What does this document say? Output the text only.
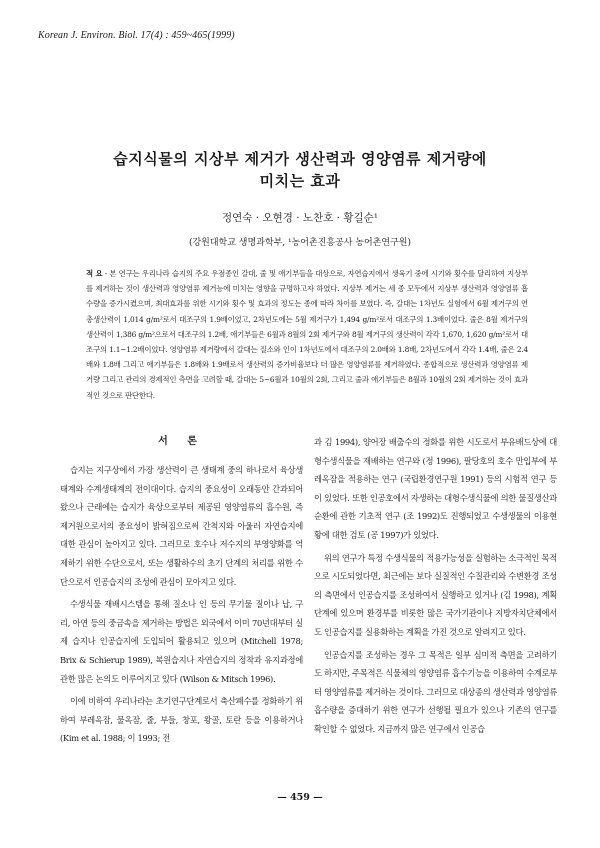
Korean J. Environ. Biol. 17(4) : 459~465(1999)
습지식물의 지상부 제거가 생산력과 영양염류 제거량에
미치는 효과
정연숙 · 오현경 · 노찬호 · 황길순¹
(강원대학교 생명과학부, ¹농어촌진흥공사 농어촌연구원)
적 요 - 본 연구는 우리나라 습지의 주요 우점종인 갈대, 줄 및 애기부들을 대상으로, 자연습지에서 생육기 중에 시기와 횟수를 달리하여 지상부를 제거하는 것이 생산력과 영양염류 제거능에 미치는 영향을 규명하고자 하였다. 지상부 제거는 세 종 모두에서 지상부 생산력과 영양염류 흡수량을 증가시켰으며, 최대효과를 위한 시기와 횟수 및 효과의 정도는 종에 따라 차이를 보였다. 즉, 갈대는 1차년도 실험에서 6월 제거구의 연총생산력이 1,014 g/m²로서 대조구의 1.9배이었고, 2차년도에는 5월 제거구가 1,494 g/m²로서 대조구의 1.3배이었다. 줄은 8월 제거구의 생산력이 1,386 g/m²으로서 대조구의 1.2배, 애기부들은 6월과 8월의 2회 제거구와 8월 제거구의 생산력이 각각 1,670, 1,620 g/m²로서 대조구의 1.1~1.2배이었다. 영양염류 제거량에서 갈대는 질소와 인이 1차년도에서 대조구의 2.0배와 1.8배, 2차년도에서 각각 1.4배, 줄은 2.4배와 1.8배 그리고 애기부들은 1.8배와 1.9배로서 생산력의 증가비율보다 더 많은 영양염류를 제거하였다. 종합적으로 생산력과 영양염류 제거량 그리고 관리의 경제적인 측면을 고려할 때, 갈대는 5~6월과 10월의 2회, 그리고 줄과 애기부들은 8월과 10월의 2회 제거하는 것이 효과적인 것으로 판단한다.
서 론

습지는 지구상에서 가장 생산력이 큰 생태계 중의 하나로서 육상생태계와 수계생태계의 전이대이다. 습지의 중요성이 오래동안 간과되어 왔으나 근래에는 습지가 육상으로부터 제공된 영양염류의 흡수원, 즉 제거원으로서의 중요성이 밝혀짐으로써 간척지와 아울러 자연습지에 대한 관심이 높아지고 있다. 그러므로 호수나 저수지의 부영양화를 억제하기 위한 수단으로서, 또는 생활하수의 초기 단계의 처리를 위한 수단으로서 인공습지의 조성에 관심이 모아지고 있다.

수생식물 재배시스템을 통해 질소나 인 등의 무기물 질이나 납, 구리, 아연 등의 중금속을 제거하는 방법은 외국에서 이미 70년대부터 실제 습지나 인공습지에 도입되어 활용되고 있으며 (Mitchell 1978; Brix & Schierup 1989), 복원습지나 자연습지의 정착과 유지과정에 관한 많은 논의도 이루어지고 있다 (Wilson & Mitsch 1996).

이에 비하여 우리나라는 초기연구단계로서 축산폐수를 정화하기 위하여 부레옥잠, 물옥잠, 줄, 부들, 창포, 왕골, 토란 등을 이용하거나 (Kim et al. 1988; 이 1993; 전

과 김 1994), 양어장 배출수의 정화를 위한 시도로서 부유배드상에 대형수생식물을 재배하는 연구와 (정 1996), 팔당호의 호수 만입부에 부레옥잠을 적용하는 연구 (국립환경연구원 1991) 등의 시험적 연구 등이 있었다. 또한 인공호에서 자생하는 대형수생식물에 의한 물질생산과 순환에 관한 기초적 연구 (조 1992)도 진행되었고 수생생물의 이용현황에 대한 검토 (공 1997)가 있었다.

위의 연구가 특정 수생식물의 적용가능성을 실험하는 소극적인 목적으로 시도되었다면, 최근에는 보다 실질적인 수질관리와 수변환경 조성의 측면에서 인공습지를 조성하여서 실행하고 있거나 (김 1998), 계획단계에 있으며 환경부를 비롯한 많은 국가기관이나 지방자치단체에서도 인공습지를 실용화하는 계획을 가진 것으로 알려지고 있다.

인공습지를 조성하는 경우 그 목적은 일부 심미적 측면을 고려하기도 하지만, 주목적은 식물체의 영양염류 흡수기능을 이용하여 수계로부터 영양염류를 제거하는 것이다. 그러므로 대상종의 생산력과 영양염류 흡수량을 증대하기 위한 연구가 선행될 필요가 있으나 기존의 연구를 확인할 수 없었다. 지금까지 많은 연구에서 인공습

— 459 —
